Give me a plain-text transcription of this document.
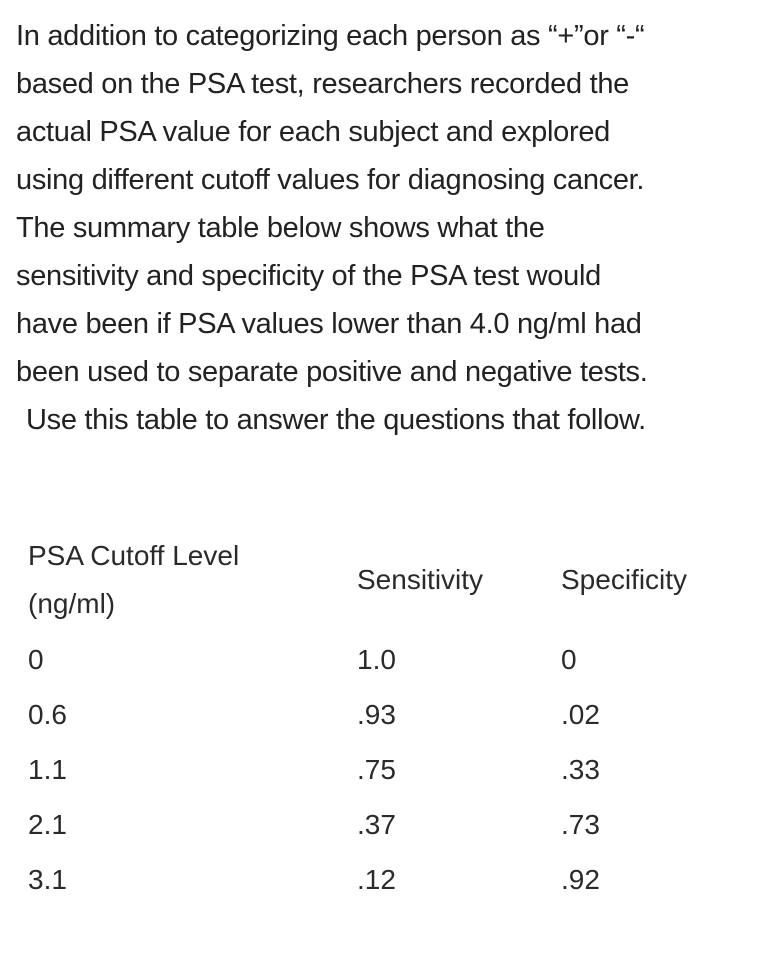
In addition to categorizing each person as “+”or “-“
based on the PSA test, researchers recorded the
actual PSA value for each subject and explored
using different cutoff values for diagnosing cancer.
The summary table below shows what the
sensitivity and specificity of the PSA test would
have been if PSA values lower than 4.0 ng/ml had
been used to separate positive and negative tests.
Use this table to answer the questions that follow.

PSA Cutoff Level
(ng/ml)	Sensitivity	Specificity
0	1.0	0
0.6	.93	.02
1.1	.75	.33
2.1	.37	.73
3.1	.12	.92
